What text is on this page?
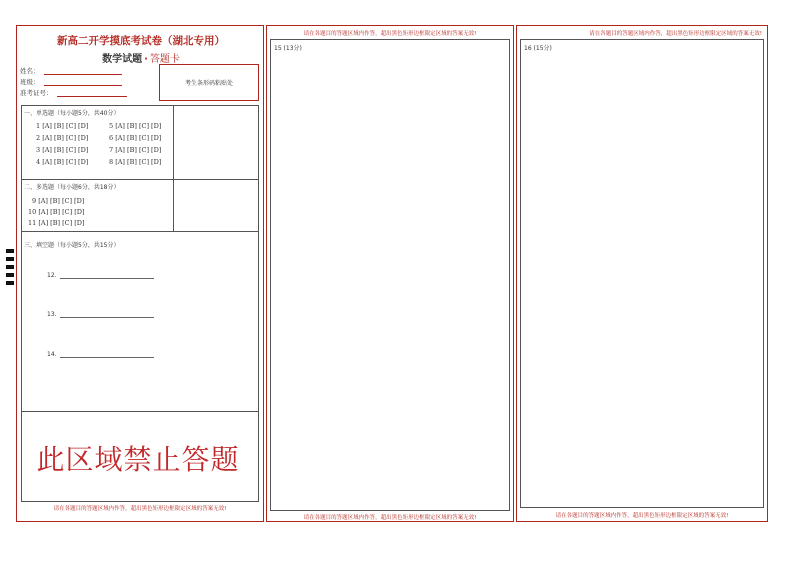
新高二开学摸底考试卷（湖北专用）
数学试题 · 答题卡
姓名：
班级：
准考证号：
考生条形码粘贴处
一、单选题（每小题5分，共40分）
1 [A] [B] [C] [D]
2 [A] [B] [C] [D]
3 [A] [B] [C] [D]
4 [A] [B] [C] [D]
5 [A] [B] [C] [D]
6 [A] [B] [C] [D]
7 [A] [B] [C] [D]
8 [A] [B] [C] [D]
二、多选题（每小题6分，共18分）
9 [A] [B] [C] [D]
10 [A] [B] [C] [D]
11 [A] [B] [C] [D]
三、填空题（每小题5分，共15分）
12.
13.
14.
此区域禁止答题
请在各题目的答题区域内作答，超出黑色矩形边框限定区域的答案无效!
请在各题目的答题区域内作答，超出黑色矩形边框限定区域的答案无效!
15 (13分)
请在各题目的答题区域内作答，超出黑色矩形边框限定区域的答案无效!
请在各题目的答题区域内作答，超出黑色矩形边框限定区域的答案无效!
16 (15分)
请在各题目的答题区域内作答，超出黑色矩形边框限定区域的答案无效!
